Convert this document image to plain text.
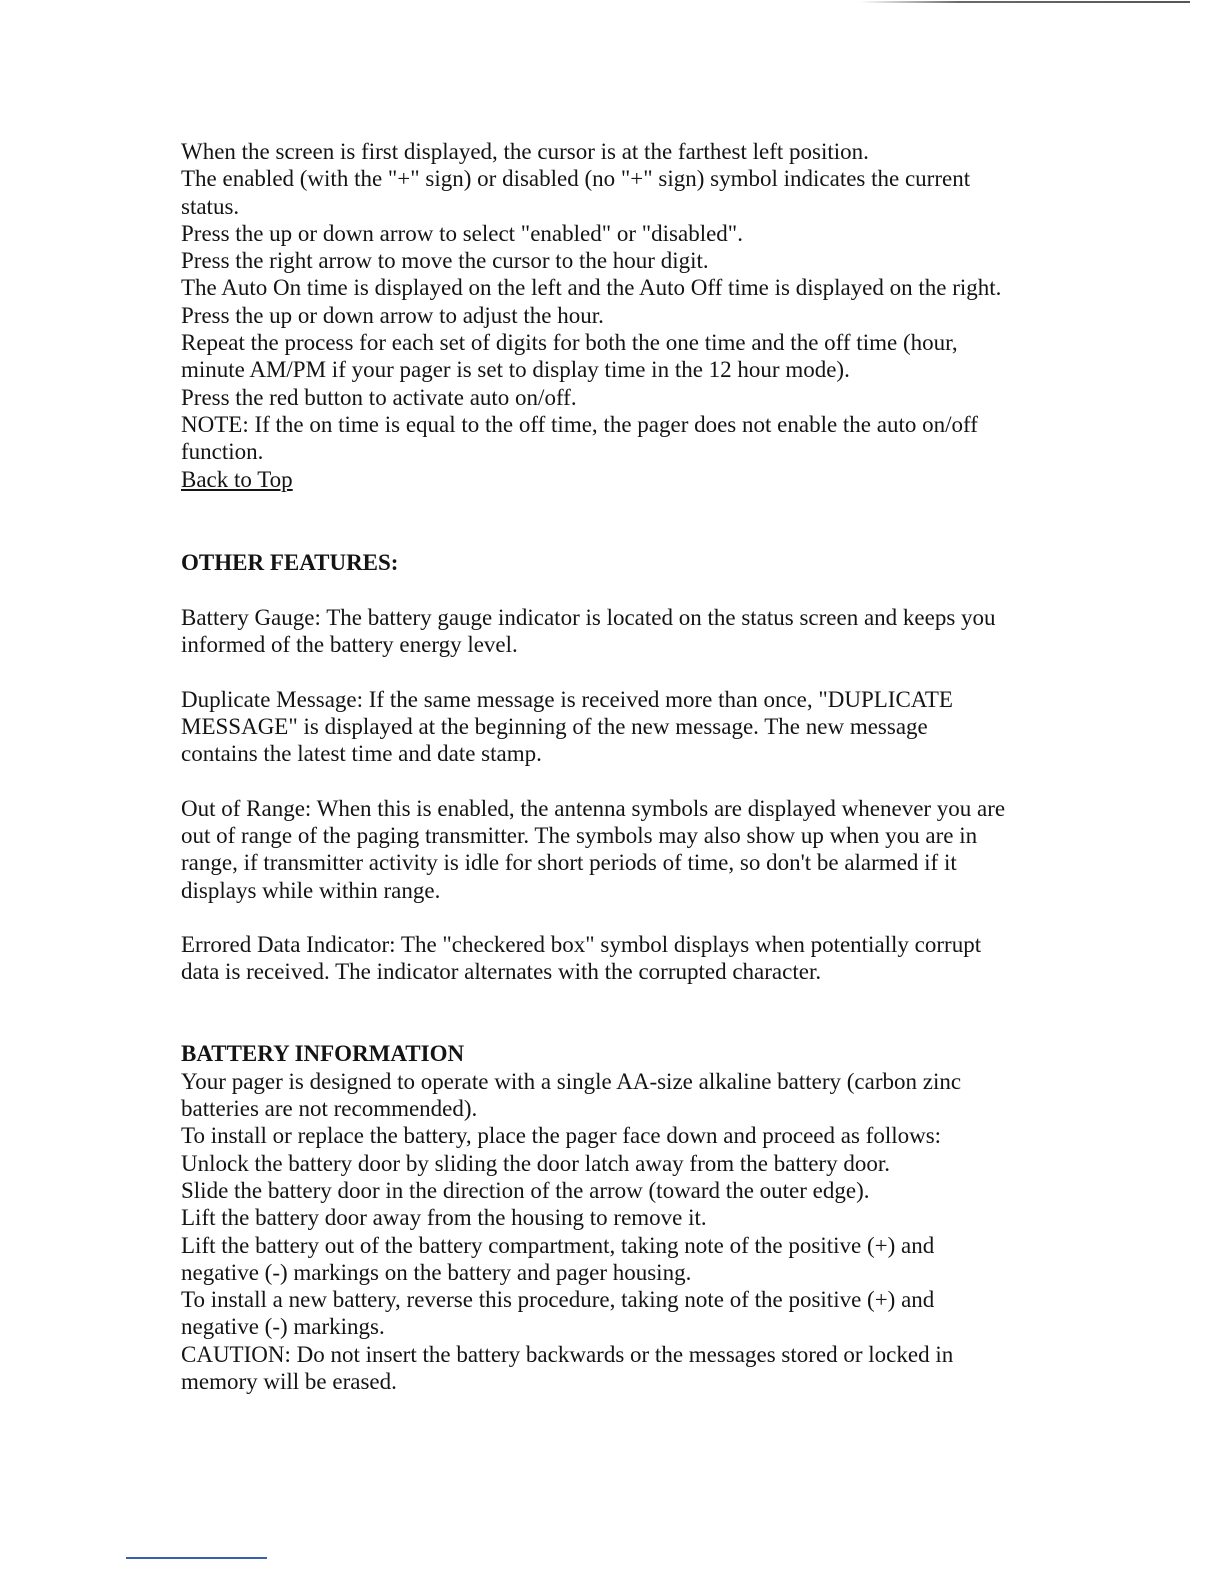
When the screen is first displayed, the cursor is at the farthest left position.
The enabled (with the "+" sign) or disabled (no "+" sign) symbol indicates the current
status.
Press the up or down arrow to select "enabled" or "disabled".
Press the right arrow to move the cursor to the hour digit.
The Auto On time is displayed on the left and the Auto Off time is displayed on the right.
Press the up or down arrow to adjust the hour.
Repeat the process for each set of digits for both the one time and the off time (hour,
minute AM/PM if your pager is set to display time in the 12 hour mode).
Press the red button to activate auto on/off.
NOTE: If the on time is equal to the off time, the pager does not enable the auto on/off
function.
Back to Top
OTHER FEATURES:
Battery Gauge: The battery gauge indicator is located on the status screen and keeps you
informed of the battery energy level.
Duplicate Message: If the same message is received more than once, "DUPLICATE
MESSAGE" is displayed at the beginning of the new message. The new message
contains the latest time and date stamp.
Out of Range: When this is enabled, the antenna symbols are displayed whenever you are
out of range of the paging transmitter. The symbols may also show up when you are in
range, if transmitter activity is idle for short periods of time, so don't be alarmed if it
displays while within range.
Errored Data Indicator: The "checkered box" symbol displays when potentially corrupt
data is received. The indicator alternates with the corrupted character.
BATTERY INFORMATION
Your pager is designed to operate with a single AA-size alkaline battery (carbon zinc
batteries are not recommended).
To install or replace the battery, place the pager face down and proceed as follows:
Unlock the battery door by sliding the door latch away from the battery door.
Slide the battery door in the direction of the arrow (toward the outer edge).
Lift the battery door away from the housing to remove it.
Lift the battery out of the battery compartment, taking note of the positive (+) and
negative (-) markings on the battery and pager housing.
To install a new battery, reverse this procedure, taking note of the positive (+) and
negative (-) markings.
CAUTION: Do not insert the battery backwards or the messages stored or locked in
memory will be erased.
